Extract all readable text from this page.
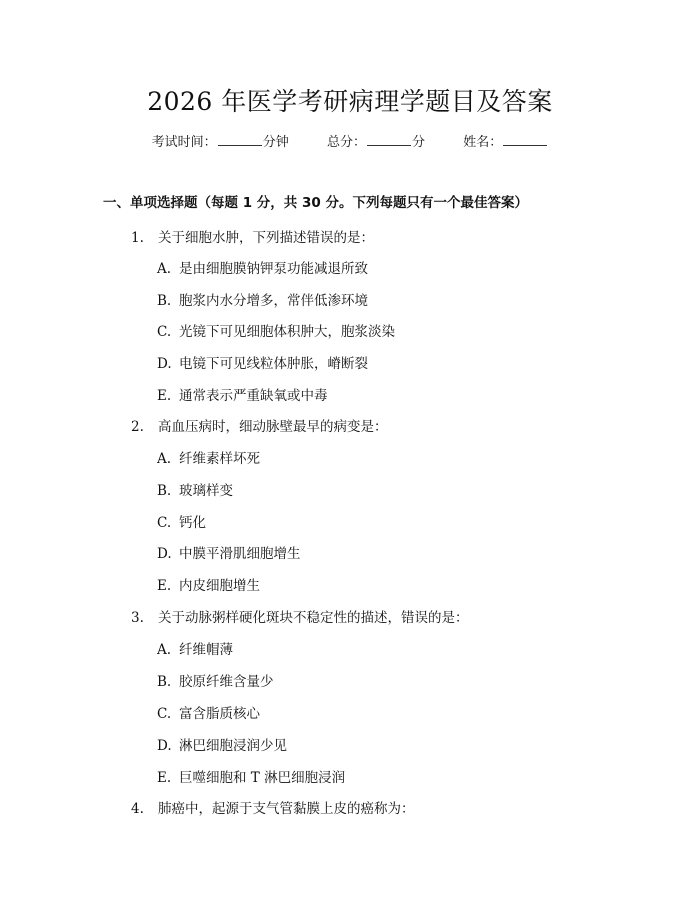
2026 年医学考研病理学题目及答案
考试时间：	分钟	总分：	分	姓名：
一、单项选择题（每题 1 分，共 30 分。下列每题只有一个最佳答案）
1. 关于细胞水肿，下列描述错误的是：
A. 是由细胞膜钠钾泵功能减退所致
B. 胞浆内水分增多，常伴低渗环境
C. 光镜下可见细胞体积肿大，胞浆淡染
D. 电镜下可见线粒体肿胀，嵴断裂
E. 通常表示严重缺氧或中毒
2. 高血压病时，细动脉壁最早的病变是：
A. 纤维素样坏死
B. 玻璃样变
C. 钙化
D. 中膜平滑肌细胞增生
E. 内皮细胞增生
3. 关于动脉粥样硬化斑块不稳定性的描述，错误的是：
A. 纤维帽薄
B. 胶原纤维含量少
C. 富含脂质核心
D. 淋巴细胞浸润少见
E. 巨噬细胞和 T 淋巴细胞浸润
4. 肺癌中，起源于支气管黏膜上皮的癌称为：
